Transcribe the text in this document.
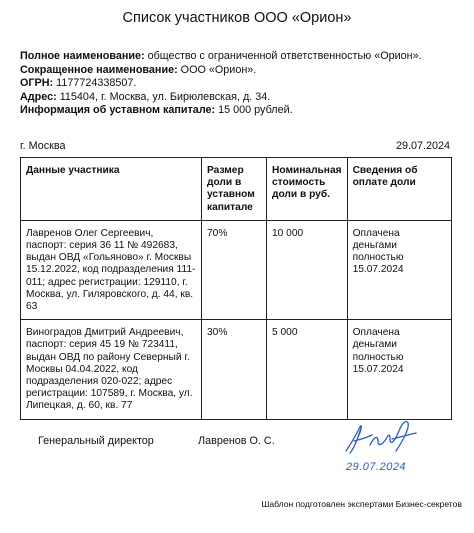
Список участников ООО «Орион»
Полное наименование: общество с ограниченной ответственностью «Орион».
Сокращенное наименование: ООО «Орион».
ОГРН: 1177724338507.
Адрес: 115404, г. Москва, ул. Бирюлевская, д. 34.
Информация об уставном капитале: 15 000 рублей.
г. Москва	29.07.2024
Данные участника	Размер доли в уставном капитале	Номинальная стоимость доли в руб.	Сведения об оплате доли
Лавренов Олег Сергеевич, паспорт: серия 36 11 № 492683, выдан ОВД «Гольяново» г. Москвы 15.12.2022, код подразделения 111-011; адрес регистрации: 129110, г. Москва, ул. Гиляровского, д. 44, кв. 63	70%	10 000	Оплачена деньгами полностью 15.07.2024
Виноградов Дмитрий Андреевич, паспорт: серия 45 19 № 723411, выдан ОВД по району Северный г. Москвы 04.04.2022, код подразделения 020-022; адрес регистрации: 107589, г. Москва, ул. Липецкая, д. 60, кв. 77	30%	5 000	Оплачена деньгами полностью 15.07.2024
Генеральный директор	Лавренов О. С.
29.07.2024
Шаблон подготовлен экспертами Бизнес-секретов
